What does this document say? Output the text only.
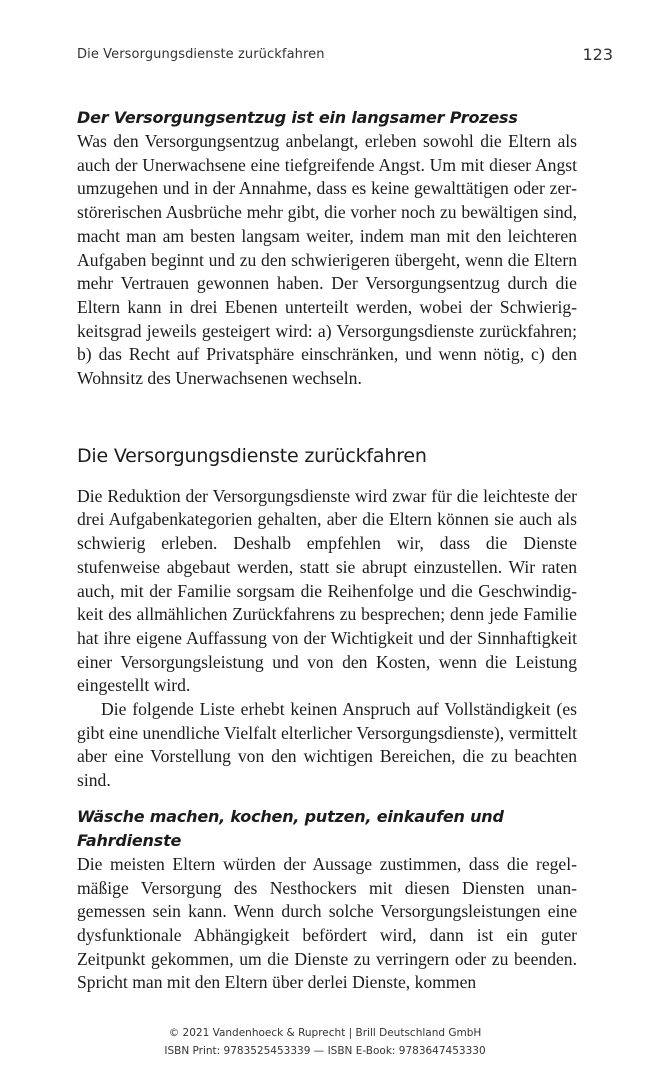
Die Versorgungsdienste zurückfahren	123
Der Versorgungsentzug ist ein langsamer Prozess

Was den Versorgungsentzug anbelangt, erleben sowohl die Eltern als auch der Unerwachsene eine tiefgreifende Angst. Um mit dieser Angst umzugehen und in der Annahme, dass es keine gewalttätigen oder zerstörerischen Ausbrüche mehr gibt, die vorher noch zu bewältigen sind, macht man am besten langsam weiter, indem man mit den leichteren Aufgaben beginnt und zu den schwierigeren übergeht, wenn die Eltern mehr Vertrauen gewonnen haben. Der Versorgungsentzug durch die Eltern kann in drei Ebenen unterteilt werden, wobei der Schwierigkeitsgrad jeweils gesteigert wird: a) Versorgungsdienste zurückfahren; b) das Recht auf Privatsphäre einschränken, und wenn nötig, c) den Wohnsitz des Unerwachsenen wechseln.

Die Versorgungsdienste zurückfahren

Die Reduktion der Versorgungsdienste wird zwar für die leichteste der drei Aufgabenkategorien gehalten, aber die Eltern können sie auch als schwierig erleben. Deshalb empfehlen wir, dass die Dienste stufenweise abgebaut werden, statt sie abrupt einzustellen. Wir raten auch, mit der Familie sorgsam die Reihenfolge und die Geschwindigkeit des allmählichen Zurückfahrens zu besprechen; denn jede Familie hat ihre eigene Auffassung von der Wichtigkeit und der Sinnhaftigkeit einer Versorgungsleistung und von den Kosten, wenn die Leistung eingestellt wird.

Die folgende Liste erhebt keinen Anspruch auf Vollständigkeit (es gibt eine unendliche Vielfalt elterlicher Versorgungsdienste), vermittelt aber eine Vorstellung von den wichtigen Bereichen, die zu beachten sind.

Wäsche machen, kochen, putzen, einkaufen und Fahrdienste

Die meisten Eltern würden der Aussage zustimmen, dass die regelmäßige Versorgung des Nesthockers mit diesen Diensten unangemessen sein kann. Wenn durch solche Versorgungsleistungen eine dysfunktionale Abhängigkeit befördert wird, dann ist ein guter Zeitpunkt gekommen, um die Dienste zu verringern oder zu beenden. Spricht man mit den Eltern über derlei Dienste, kommen

© 2021 Vandenhoeck & Ruprecht | Brill Deutschland GmbH
ISBN Print: 9783525453339 — ISBN E-Book: 9783647453330
